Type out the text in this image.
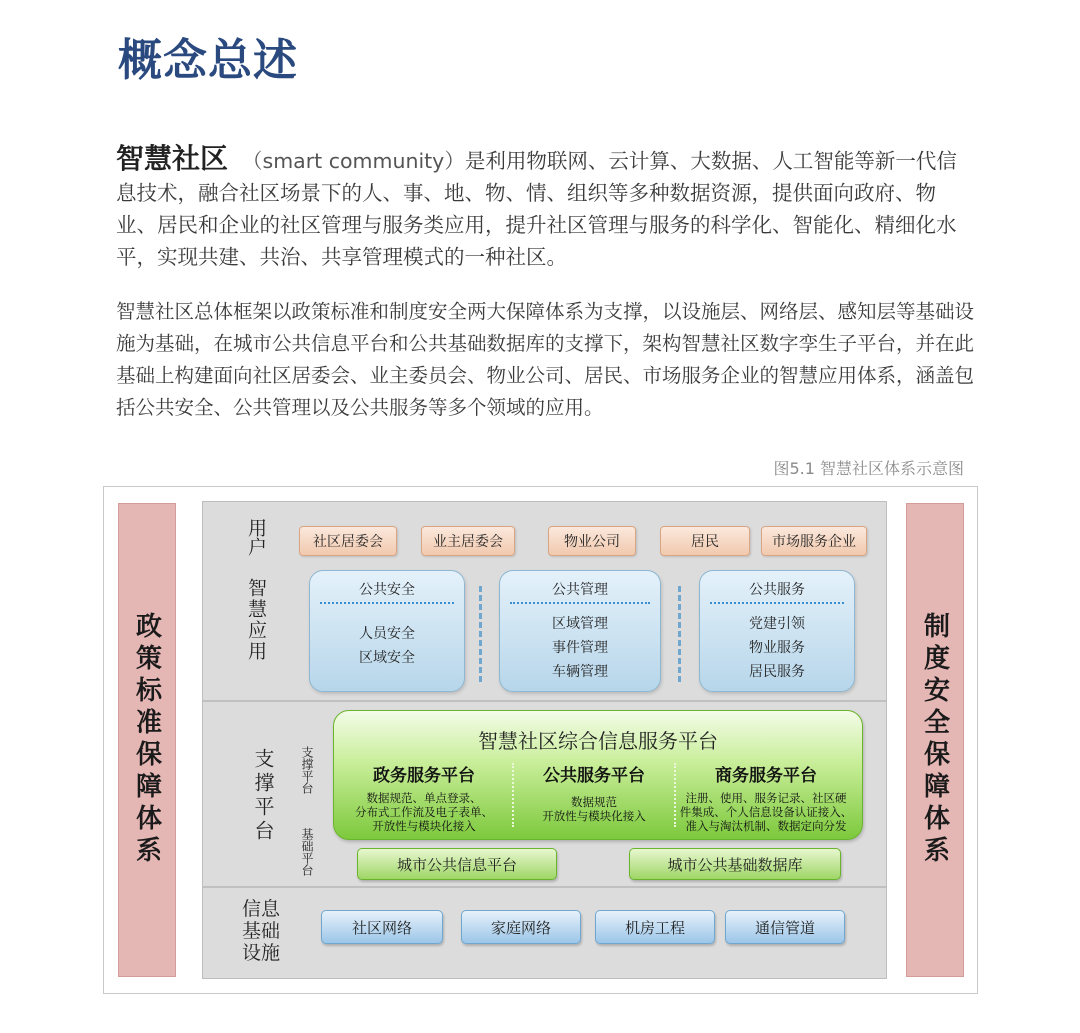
概念总述

智慧社区 （smart community）是利用物联网、云计算、大数据、人工智能等新一代信息技术，融合社区场景下的人、事、地、物、情、组织等多种数据资源，提供面向政府、物业、居民和企业的社区管理与服务类应用，提升社区管理与服务的科学化、智能化、精细化水平，实现共建、共治、共享管理模式的一种社区。

智慧社区总体框架以政策标准和制度安全两大保障体系为支撑，以设施层、网络层、感知层等基础设施为基础，在城市公共信息平台和公共基础数据库的支撑下，架构智慧社区数字孪生子平台，并在此基础上构建面向社区居委会、业主委员会、物业公司、居民、市场服务企业的智慧应用体系，涵盖包括公共安全、公共管理以及公共服务等多个领域的应用。

图5.1 智慧社区体系示意图
政策标准保障体系	制度安全保障体系
用户
智慧应用
社区居委会	业主居委会	物业公司	居民	市场服务企业
公共安全
人员安全
区域安全
公共管理
区域管理
事件管理
车辆管理
公共服务
党建引领
物业服务
居民服务
支撑平台 支撑平台
基础平台
智慧社区综合信息服务平台
政务服务平台
数据规范、单点登录、
分布式工作流及电子表单、
开放性与模块化接入
公共服务平台
数据规范
开放性与模块化接入
商务服务平台
注册、使用、服务记录、社区硬
件集成、个人信息设备认证接入、
准入与淘汰机制、数据定向分发
城市公共信息平台	城市公共基础数据库
信息
基础
设施
社区网络	家庭网络	机房工程	通信管道
